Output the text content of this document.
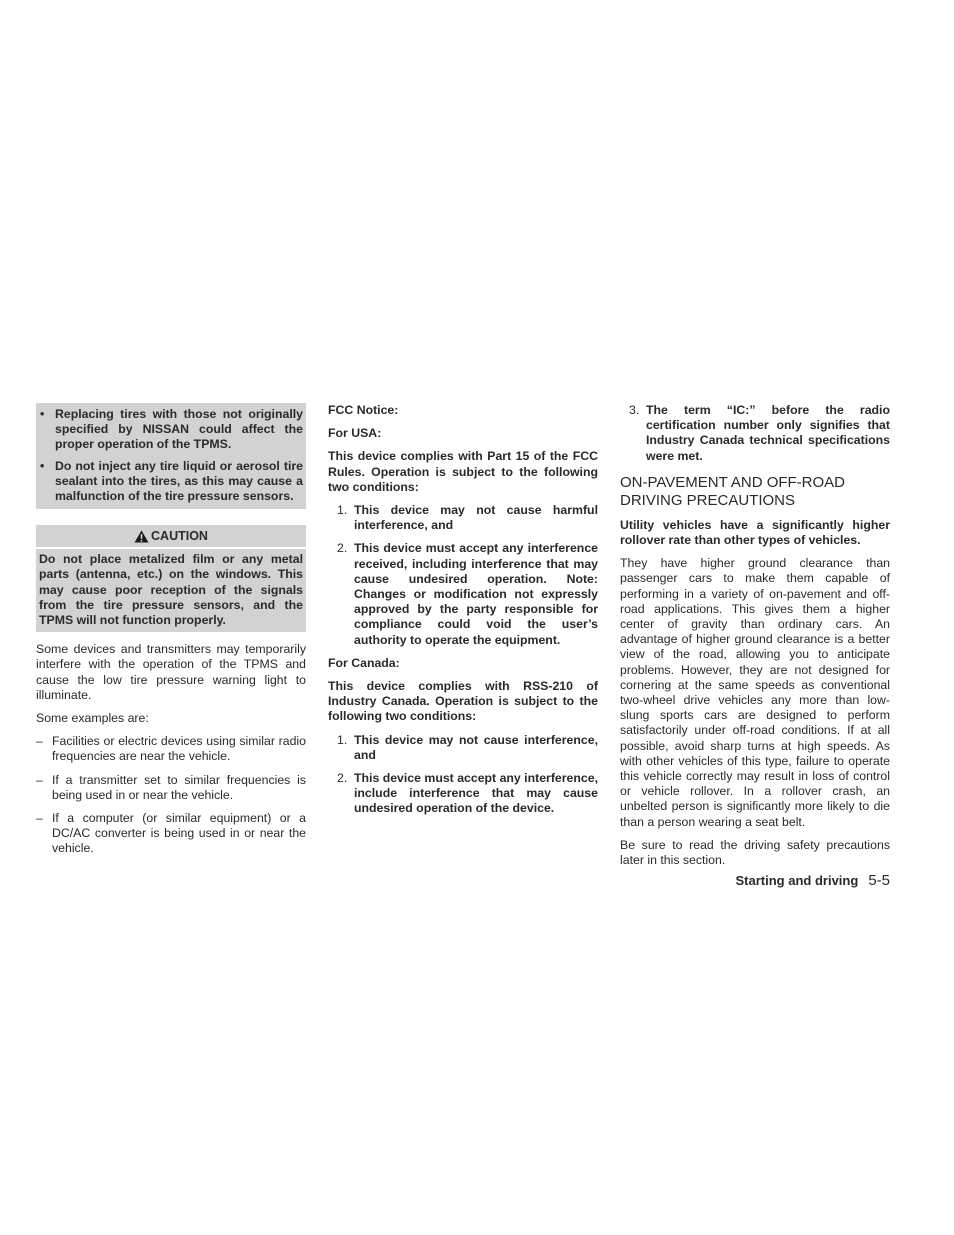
• Replacing tires with those not originally specified by NISSAN could affect the proper operation of the TPMS.
• Do not inject any tire liquid or aerosol tire sealant into the tires, as this may cause a malfunction of the tire pressure sensors.
CAUTION
Do not place metalized film or any metal parts (antenna, etc.) on the windows. This may cause poor reception of the signals from the tire pressure sensors, and the TPMS will not function properly.

Some devices and transmitters may temporarily interfere with the operation of the TPMS and cause the low tire pressure warning light to illuminate.

Some examples are:

– Facilities or electric devices using similar radio frequencies are near the vehicle.
– If a transmitter set to similar frequencies is being used in or near the vehicle.
– If a computer (or similar equipment) or a DC/AC converter is being used in or near the vehicle.

FCC Notice:

For USA:

This device complies with Part 15 of the FCC Rules. Operation is subject to the following two conditions:

1. This device may not cause harmful interference, and
2. This device must accept any interference received, including interference that may cause undesired operation. Note: Changes or modification not expressly approved by the party responsible for compliance could void the user’s authority to operate the equipment.

For Canada:

This device complies with RSS-210 of Industry Canada. Operation is subject to the following two conditions:

1. This device may not cause interference, and
2. This device must accept any interference, include interference that may cause undesired operation of the device.
3. The term “IC:” before the radio certification number only signifies that Industry Canada technical specifications were met.
ON-PAVEMENT AND OFF-ROAD DRIVING PRECAUTIONS

Utility vehicles have a significantly higher rollover rate than other types of vehicles.

They have higher ground clearance than passenger cars to make them capable of performing in a variety of on-pavement and off-road applications. This gives them a higher center of gravity than ordinary cars. An advantage of higher ground clearance is a better view of the road, allowing you to anticipate problems. However, they are not designed for cornering at the same speeds as conventional two-wheel drive vehicles any more than low-slung sports cars are designed to perform satisfactorily under off-road conditions. If at all possible, avoid sharp turns at high speeds. As with other vehicles of this type, failure to operate this vehicle correctly may result in loss of control or vehicle rollover. In a rollover crash, an unbelted person is significantly more likely to die than a person wearing a seat belt.

Be sure to read the driving safety precautions later in this section.

Starting and driving 5-5
